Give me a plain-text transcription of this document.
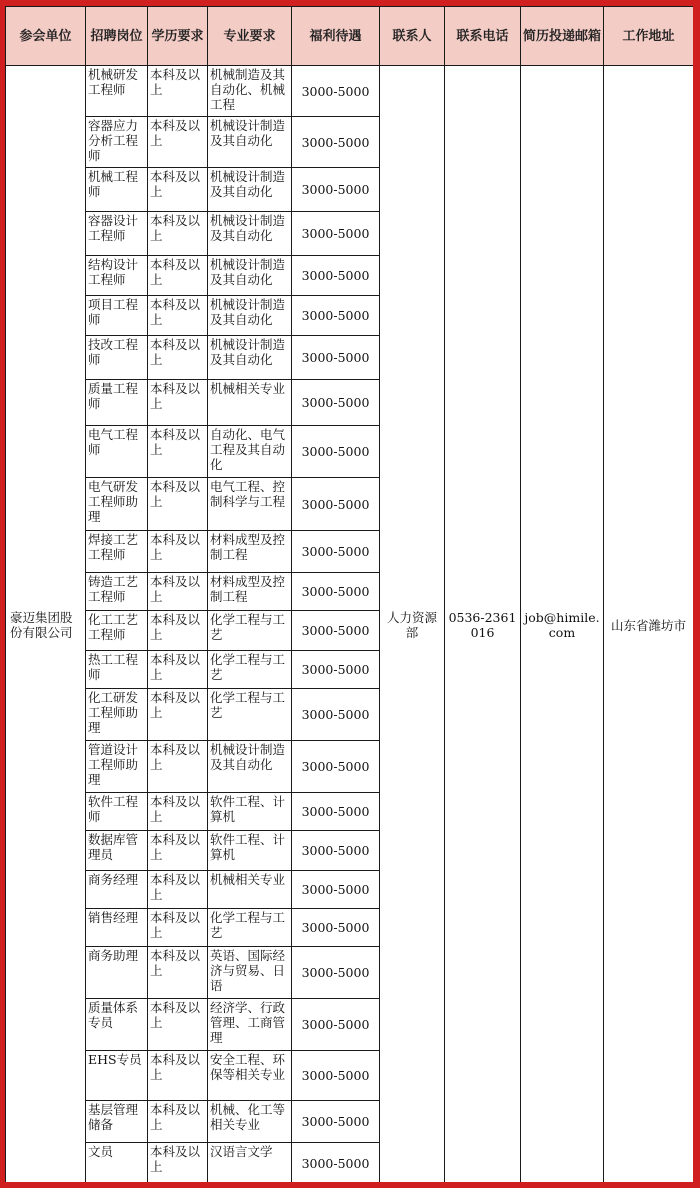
参会单位	招聘岗位	学历要求	专业要求	福利待遇	联系人	联系电话	简历投递邮箱	工作地址
豪迈集团股份有限公司	机械研发工程师	本科及以上	机械制造及其自动化、机械工程	3000-5000	人力资源部	0536-2361016	job@himile.com	山东省潍坊市
	容器应力分析工程师	本科及以上	机械设计制造及其自动化	3000-5000				
	机械工程师	本科及以上	机械设计制造及其自动化	3000-5000				
	容器设计工程师	本科及以上	机械设计制造及其自动化	3000-5000				
	结构设计工程师	本科及以上	机械设计制造及其自动化	3000-5000				
	项目工程师	本科及以上	机械设计制造及其自动化	3000-5000				
	技改工程师	本科及以上	机械设计制造及其自动化	3000-5000				
	质量工程师	本科及以上	机械相关专业	3000-5000				
	电气工程师	本科及以上	自动化、电气工程及其自动化	3000-5000				
	电气研发工程师助理	本科及以上	电气工程、控制科学与工程	3000-5000				
	焊接工艺工程师	本科及以上	材料成型及控制工程	3000-5000				
	铸造工艺工程师	本科及以上	材料成型及控制工程	3000-5000				
	化工工艺工程师	本科及以上	化学工程与工艺	3000-5000				
	热工工程师	本科及以上	化学工程与工艺	3000-5000				
	化工研发工程师助理	本科及以上	化学工程与工艺	3000-5000				
	管道设计工程师助理	本科及以上	机械设计制造及其自动化	3000-5000				
	软件工程师	本科及以上	软件工程、计算机	3000-5000				
	数据库管理员	本科及以上	软件工程、计算机	3000-5000				
	商务经理	本科及以上	机械相关专业	3000-5000				
	销售经理	本科及以上	化学工程与工艺	3000-5000				
	商务助理	本科及以上	英语、国际经济与贸易、日语	3000-5000				
	质量体系专员	本科及以上	经济学、行政管理、工商管理	3000-5000				
	EHS专员	本科及以上	安全工程、环保等相关专业	3000-5000				
	基层管理储备	本科及以上	机械、化工等相关专业	3000-5000				
	文员	本科及以上	汉语言文学	3000-5000				
